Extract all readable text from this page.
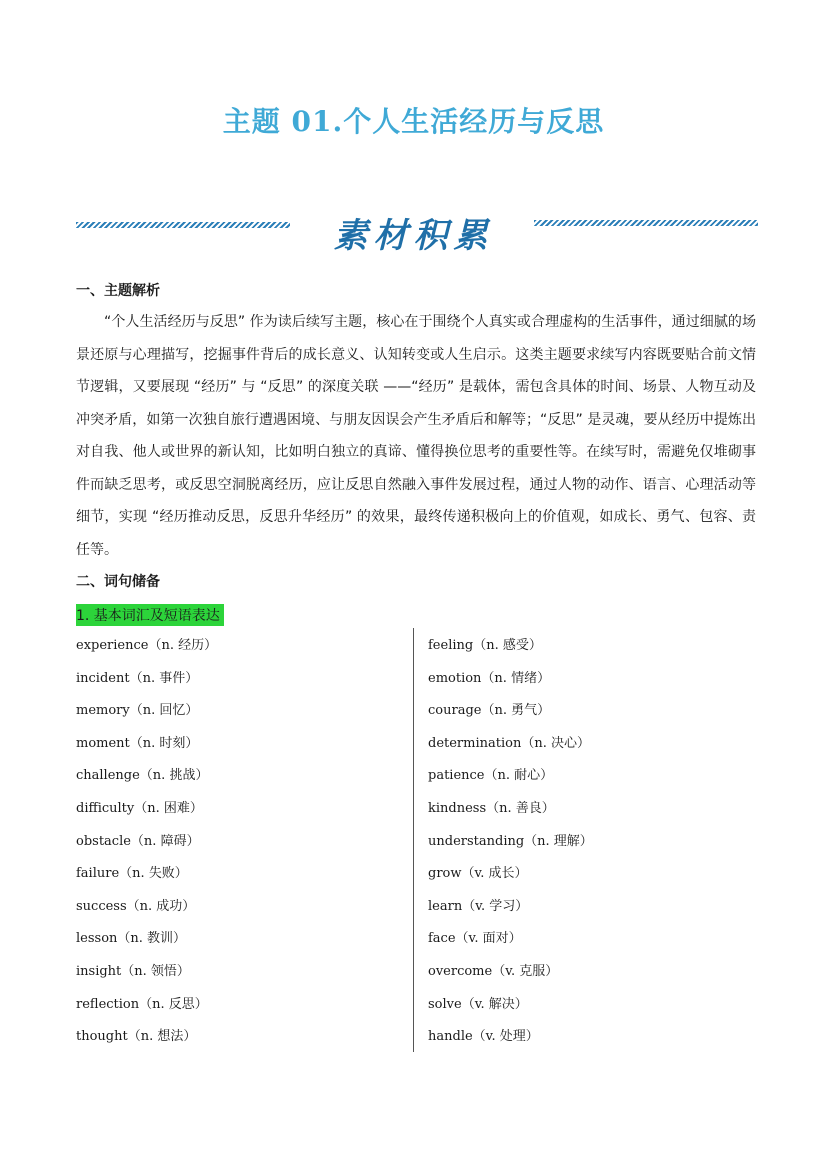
主题 01.个人生活经历与反思
素材积累
一、主题解析
“个人生活经历与反思” 作为读后续写主题，核心在于围绕个人真实或合理虚构的生活事件，通过细腻的场景还原与心理描写，挖掘事件背后的成长意义、认知转变或人生启示。这类主题要求续写内容既要贴合前文情节逻辑，又要展现 “经历” 与 “反思” 的深度关联 ——“经历” 是载体，需包含具体的时间、场景、人物互动及冲突矛盾，如第一次独自旅行遭遇困境、与朋友因误会产生矛盾后和解等；“反思” 是灵魂，要从经历中提炼出对自我、他人或世界的新认知，比如明白独立的真谛、懂得换位思考的重要性等。在续写时，需避免仅堆砌事件而缺乏思考，或反思空洞脱离经历，应让反思自然融入事件发展过程，通过人物的动作、语言、心理活动等细节，实现 “经历推动反思，反思升华经历” 的效果，最终传递积极向上的价值观，如成长、勇气、包容、责任等。
二、词句储备
1. 基本词汇及短语表达
experience（n. 经历）
incident（n. 事件）
memory（n. 回忆）
moment（n. 时刻）
challenge（n. 挑战）
difficulty（n. 困难）
obstacle（n. 障碍）
failure（n. 失败）
success（n. 成功）
lesson（n. 教训）
insight（n. 领悟）
reflection（n. 反思）
thought（n. 想法）
feeling（n. 感受）
emotion（n. 情绪）
courage（n. 勇气）
determination（n. 决心）
patience（n. 耐心）
kindness（n. 善良）
understanding（n. 理解）
grow（v. 成长）
learn（v. 学习）
face（v. 面对）
overcome（v. 克服）
solve（v. 解决）
handle（v. 处理）
